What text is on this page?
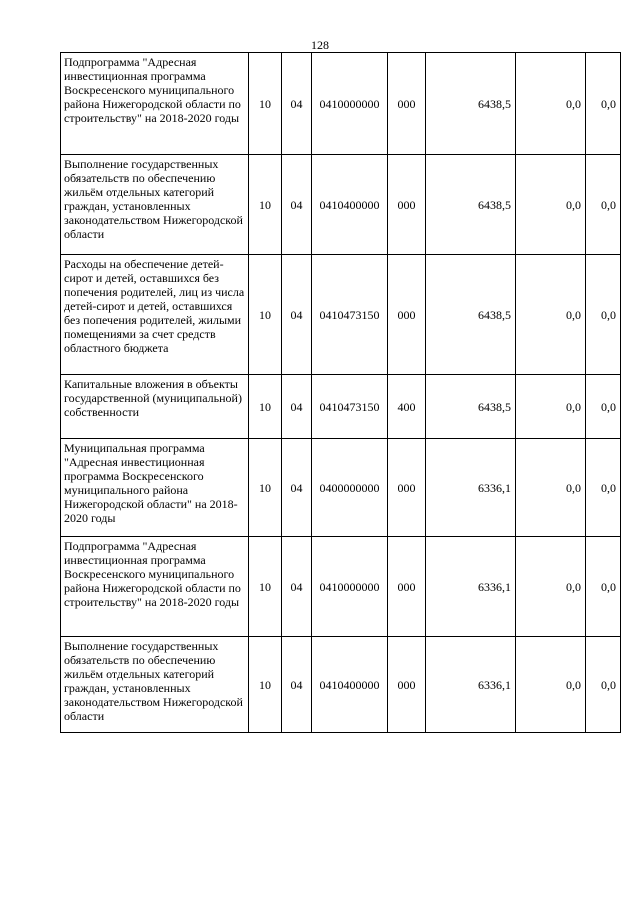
128
Подпрограмма "Адресная инвестиционная программа Воскресенского муниципального района Нижегородской области по строительству" на 2018-2020 годы	10	04	0410000000	000	6438,5	0,0	0,0
Выполнение государственных обязательств по обеспечению жильём отдельных категорий граждан, установленных законодательством Нижегородской области	10	04	0410400000	000	6438,5	0,0	0,0
Расходы на обеспечение детей-сирот и детей, оставшихся без попечения родителей, лиц из числа детей-сирот и детей, оставшихся без попечения родителей, жилыми помещениями за счет средств областного бюджета	10	04	0410473150	000	6438,5	0,0	0,0
Капитальные вложения в объекты государственной (муниципальной) собственности	10	04	0410473150	400	6438,5	0,0	0,0
Муниципальная программа "Адресная инвестиционная программа Воскресенского муниципального района Нижегородской области" на 2018-2020 годы	10	04	0400000000	000	6336,1	0,0	0,0
Подпрограмма "Адресная инвестиционная программа Воскресенского муниципального района Нижегородской области по строительству" на 2018-2020 годы	10	04	0410000000	000	6336,1	0,0	0,0
Выполнение государственных обязательств по обеспечению жильём отдельных категорий граждан, установленных законодательством Нижегородской области	10	04	0410400000	000	6336,1	0,0	0,0
